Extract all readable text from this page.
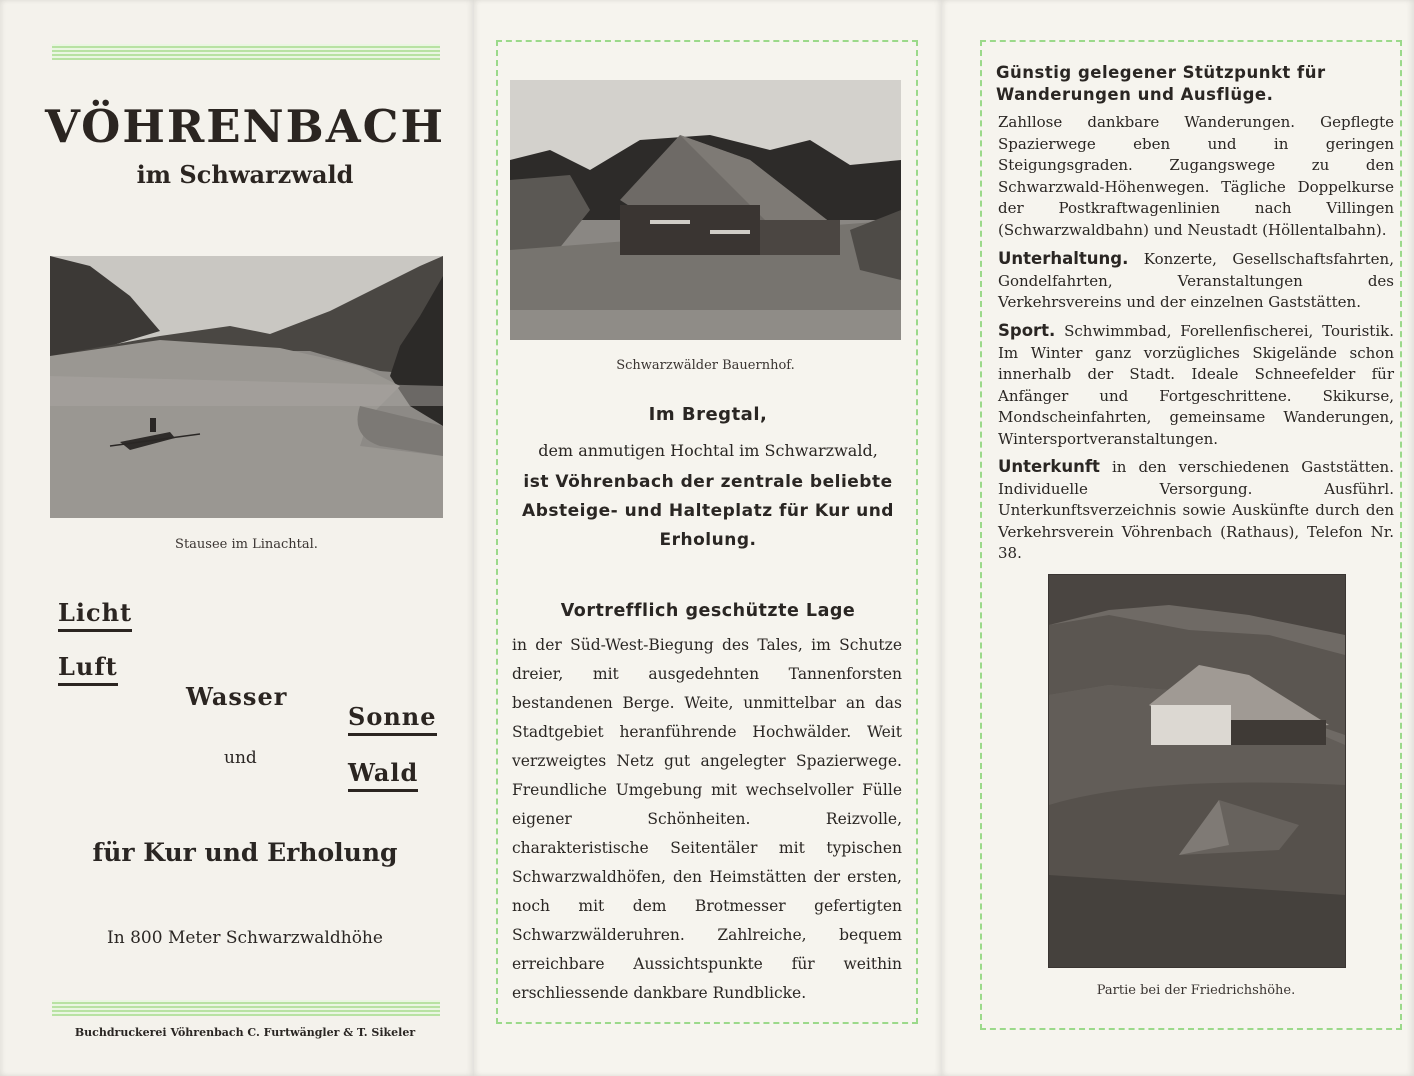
VÖHRENBACH
im Schwarzwald
Stausee im Linachtal.
Licht
Luft
Wasser
und
Sonne
Wald
für Kur und Erholung
In 800 Meter Schwarzwaldhöhe
Buchdruckerei Vöhrenbach C. Furtwängler & T. Sikeler
Schwarzwälder Bauernhof.
Im Bregtal,
dem anmutigen Hochtal im Schwarzwald,
ist Vöhrenbach der zentrale beliebte Absteige- und Halteplatz für Kur und Erholung.
Vortrefflich geschützte Lage
in der Süd-West-Biegung des Tales, im Schutze dreier, mit ausgedehnten Tannenforsten bestandenen Berge. Weite, unmittelbar an das Stadtgebiet heranführende Hochwälder. Weit verzweigtes Netz gut angelegter Spazierwege. Freundliche Umgebung mit wechselvoller Fülle eigener Schönheiten. Reizvolle, charakteristische Seitentäler mit typischen Schwarzwaldhöfen, den Heimstätten der ersten, noch mit dem Brotmesser gefertigten Schwarzwälderuhren. Zahlreiche, bequem erreichbare Aussichtspunkte für weithin erschliessende dankbare Rundblicke.
Günstig gelegener Stützpunkt für Wanderungen und Ausflüge.
Zahllose dankbare Wanderungen. Gepflegte Spazierwege eben und in geringen Steigungsgraden. Zugangswege zu den Schwarzwald-Höhenwegen. Tägliche Doppelkurse der Postkraftwagenlinien nach Villingen (Schwarzwaldbahn) und Neustadt (Höllentalbahn).
Unterhaltung. Konzerte, Gesellschaftsfahrten, Gondelfahrten, Veranstaltungen des Verkehrsvereins und der einzelnen Gaststätten.
Sport. Schwimmbad, Forellenfischerei, Touristik. Im Winter ganz vorzügliches Skigelände schon innerhalb der Stadt. Ideale Schneefelder für Anfänger und Fortgeschrittene. Skikurse, Mondscheinfahrten, gemeinsame Wanderungen, Wintersportveranstaltungen.
Unterkunft in den verschiedenen Gaststätten. Individuelle Versorgung. Ausführl. Unterkunftsverzeichnis sowie Auskünfte durch den Verkehrsverein Vöhrenbach (Rathaus), Telefon Nr. 38.
Partie bei der Friedrichshöhe.
